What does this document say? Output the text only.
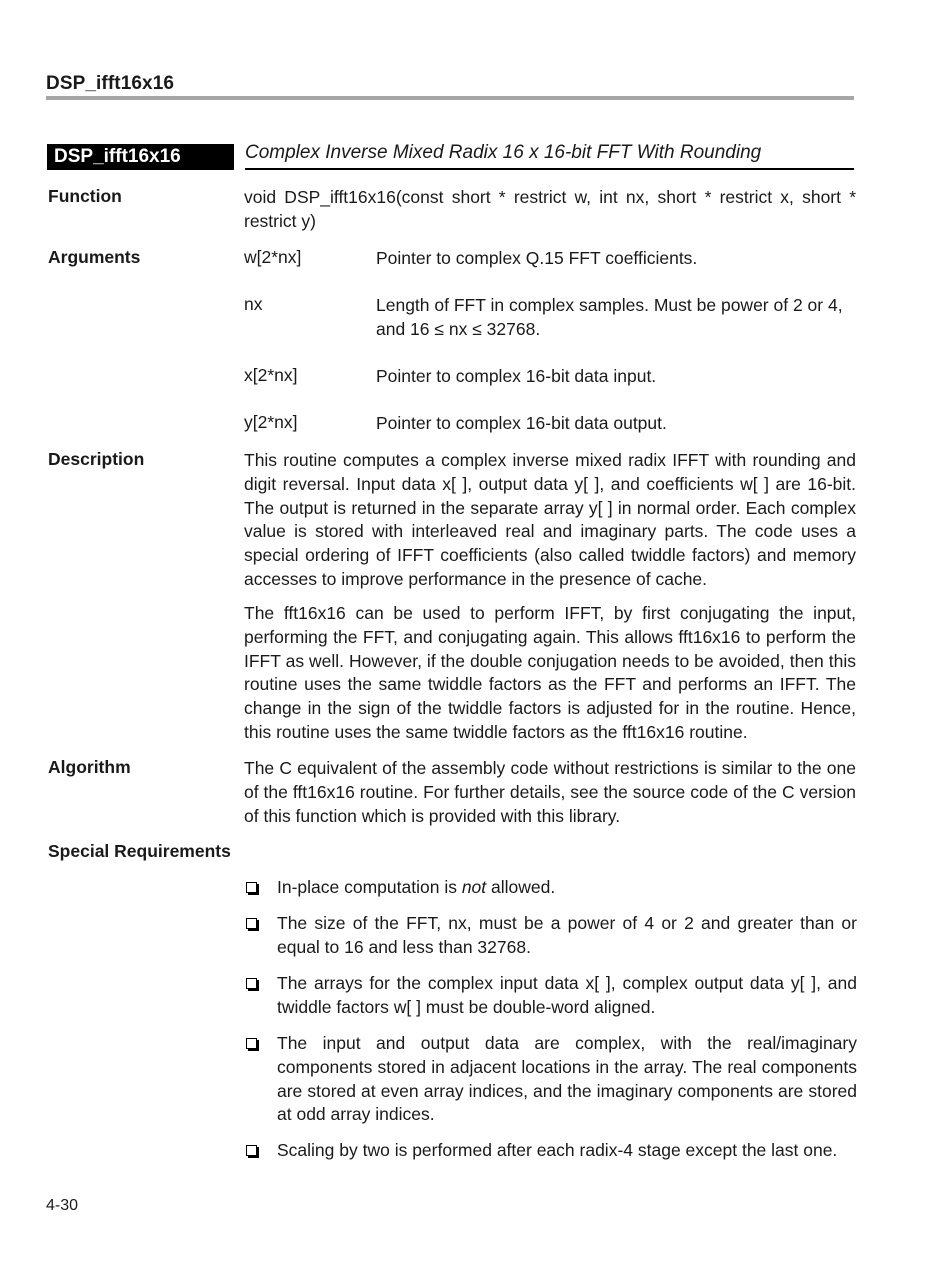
DSP_ifft16x16
DSP_ifft16x16	Complex Inverse Mixed Radix 16 x 16-bit FFT With Rounding
Function	void DSP_ifft16x16(const short * restrict w, int nx, short * restrict x, short * restrict y)
Arguments	w[2*nx]	Pointer to complex Q.15 FFT coefficients.
nx	Length of FFT in complex samples. Must be power of 2 or 4, and 16 ≤ nx ≤ 32768.
x[2*nx]	Pointer to complex 16-bit data input.
y[2*nx]	Pointer to complex 16-bit data output.
Description	This routine computes a complex inverse mixed radix IFFT with rounding and digit reversal. Input data x[ ], output data y[ ], and coefficients w[ ] are 16-bit. The output is returned in the separate array y[ ] in normal order. Each complex value is stored with interleaved real and imaginary parts. The code uses a special ordering of IFFT coefficients (also called twiddle factors) and memory accesses to improve performance in the presence of cache.
The fft16x16 can be used to perform IFFT, by first conjugating the input, performing the FFT, and conjugating again. This allows fft16x16 to perform the IFFT as well. However, if the double conjugation needs to be avoided, then this routine uses the same twiddle factors as the FFT and performs an IFFT. The change in the sign of the twiddle factors is adjusted for in the routine. Hence, this routine uses the same twiddle factors as the fft16x16 routine.
Algorithm	The C equivalent of the assembly code without restrictions is similar to the one of the fft16x16 routine. For further details, see the source code of the C version of this function which is provided with this library.
Special Requirements
In-place computation is not allowed.
The size of the FFT, nx, must be a power of 4 or 2 and greater than or equal to 16 and less than 32768.
The arrays for the complex input data x[ ], complex output data y[ ], and twiddle factors w[ ] must be double-word aligned.
The input and output data are complex, with the real/imaginary components stored in adjacent locations in the array. The real components are stored at even array indices, and the imaginary components are stored at odd array indices.
Scaling by two is performed after each radix-4 stage except the last one.
4-30
